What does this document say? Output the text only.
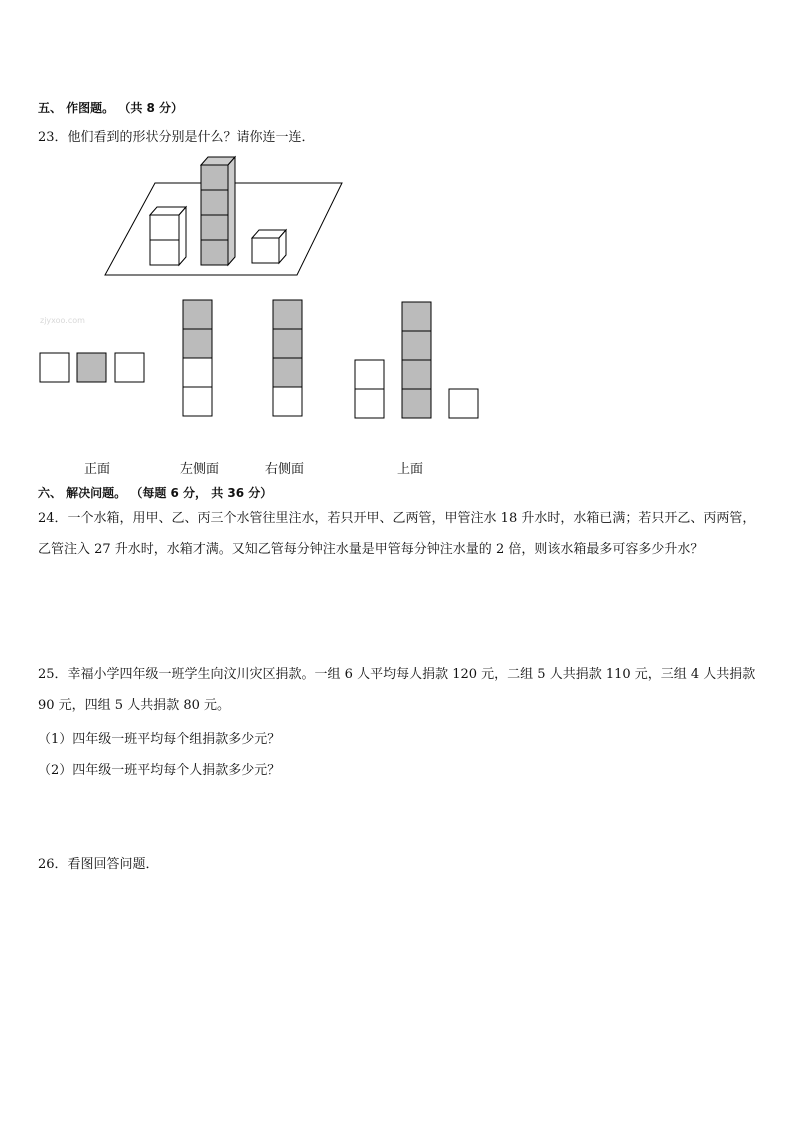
五、 作图题。 （共 8 分）
23．他们看到的形状分别是什么？请你连一连．
zjyxoo.com
正面	左侧面	右侧面	上面
六、 解决问题。 （每题 6 分， 共 36 分）
24．一个水箱，用甲、乙、丙三个水管往里注水，若只开甲、乙两管，甲管注水 18 升水时，水箱已满；若只开乙、丙两管，乙管注入 27 升水时，水箱才满。又知乙管每分钟注水量是甲管每分钟注水量的 2 倍，则该水箱最多可容多少升水？
25．幸福小学四年级一班学生向汶川灾区捐款。一组 6 人平均每人捐款 120 元，二组 5 人共捐款 110 元，三组 4 人共捐款 90 元，四组 5 人共捐款 80 元。
（1）四年级一班平均每个组捐款多少元？
（2）四年级一班平均每个人捐款多少元？
26．看图回答问题．
